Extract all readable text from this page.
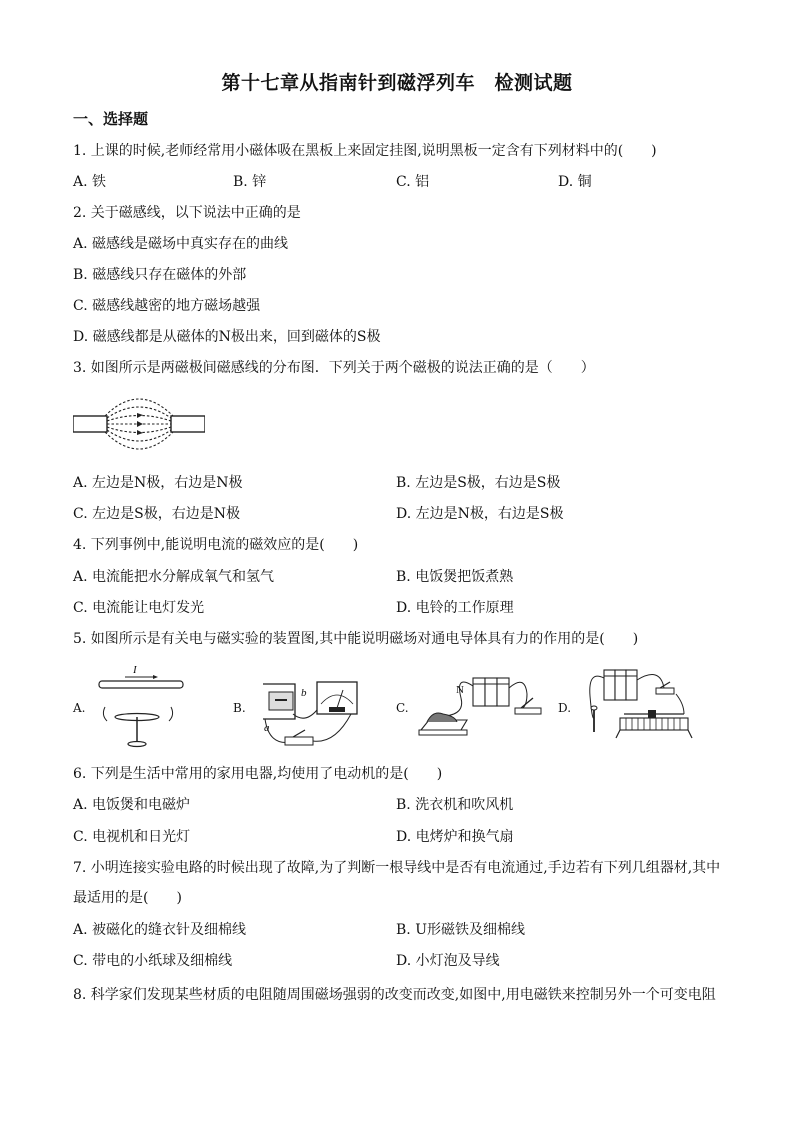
第十七章从指南针到磁浮列车　检测试题
一、选择题
1. 上课的时候,老师经常用小磁体吸在黑板上来固定挂图,说明黑板一定含有下列材料中的(　　)
A. 铁	B. 锌	C. 铝	D. 铜
2. 关于磁感线，以下说法中正确的是
A. 磁感线是磁场中真实存在的曲线
B. 磁感线只存在磁体的外部
C. 磁感线越密的地方磁场越强
D. 磁感线都是从磁体的N极出来，回到磁体的S极
3. 如图所示是两磁极间磁感线的分布图．下列关于两个磁极的说法正确的是（　　）
A. 左边是N极，右边是N极	B. 左边是S极，右边是S极
C. 左边是S极，右边是N极	D. 左边是N极，右边是S极
4. 下列事例中,能说明电流的磁效应的是(　　)
A. 电流能把水分解成氧气和氢气	B. 电饭煲把饭煮熟
C. 电流能让电灯发光	D. 电铃的工作原理
5. 如图所示是有关电与磁实验的装置图,其中能说明磁场对通电导体具有力的作用的是(　　)
A.	B.	C.	D.
I
a
b	N
6. 下列是生活中常用的家用电器,均使用了电动机的是(　　)
A. 电饭煲和电磁炉	B. 洗衣机和吹风机
C. 电视机和日光灯	D. 电烤炉和换气扇
7. 小明连接实验电路的时候出现了故障,为了判断一根导线中是否有电流通过,手边若有下列几组器材,其中
最适用的是(　　)
A. 被磁化的缝衣针及细棉线	B. U形磁铁及细棉线
C. 带电的小纸球及细棉线	D. 小灯泡及导线
8. 科学家们发现某些材质的电阻随周围磁场强弱的改变而改变,如图中,用电磁铁来控制另外一个可变电阻
